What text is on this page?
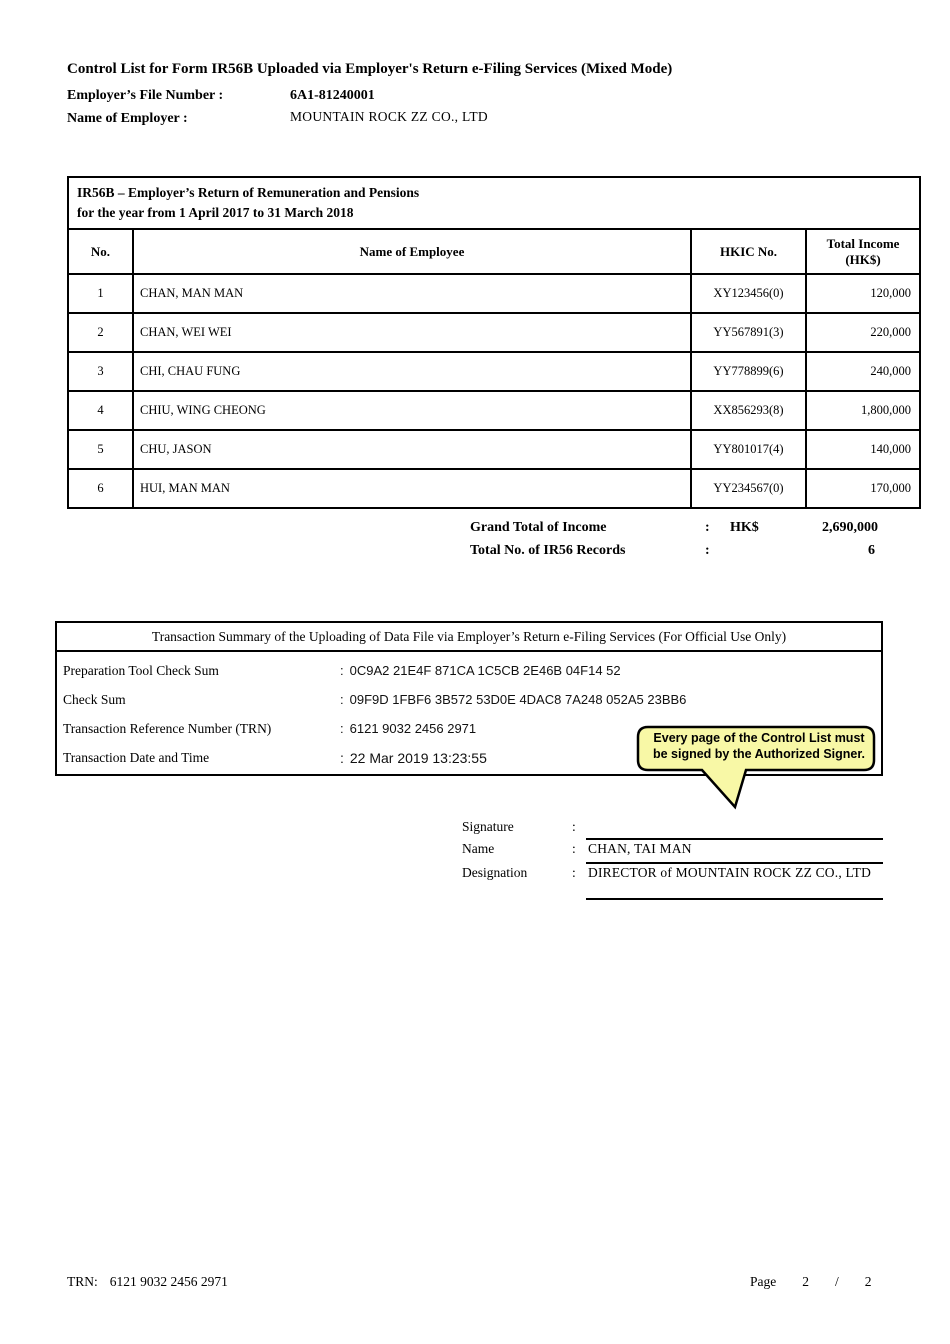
Control List for Form IR56B Uploaded via Employer's Return e-Filing Services (Mixed Mode)
Employer’s File Number :	6A1-81240001
Name of Employer :	MOUNTAIN ROCK ZZ CO., LTD
IR56B – Employer’s Return of Remuneration and Pensions
for the year from 1 April 2017 to 31 March 2018			

No.	Name of Employee	HKIC No.	Total Income
(HK$)

1	CHAN, MAN MAN	XY123456(0)	120,000
2	CHAN, WEI WEI	YY567891(3)	220,000
3	CHI, CHAU FUNG	YY778899(6)	240,000
4	CHIU, WING CHEONG	XX856293(8)	1,800,000
5	CHU, JASON	YY801017(4)	140,000
6	HUI, MAN MAN	YY234567(0)	170,000
Grand Total of Income	:	HK$	2,690,000
Total No. of IR56 Records	:	6
Transaction Summary of the Uploading of Data File via Employer’s Return e-Filing Services (For Official Use Only)
Preparation Tool Check Sum	: 0C9A2 21E4F 871CA 1C5CB 2E46B 04F14 52
Check Sum	: 09F9D 1FBF6 3B572 53D0E 4DAC8 7A248 052A5 23BB6
Transaction Reference Number (TRN)	: 6121 9032 2456 2971
Transaction Date and Time	: 22 Mar 2019 13:23:55
Every page of the Control List must be signed by the Authorized Signer.
Signature	:
Name	: CHAN, TAI MAN
Designation	: DIRECTOR of MOUNTAIN ROCK ZZ CO., LTD
TRN: 6121 9032 2456 2971	Page 2 / 2
